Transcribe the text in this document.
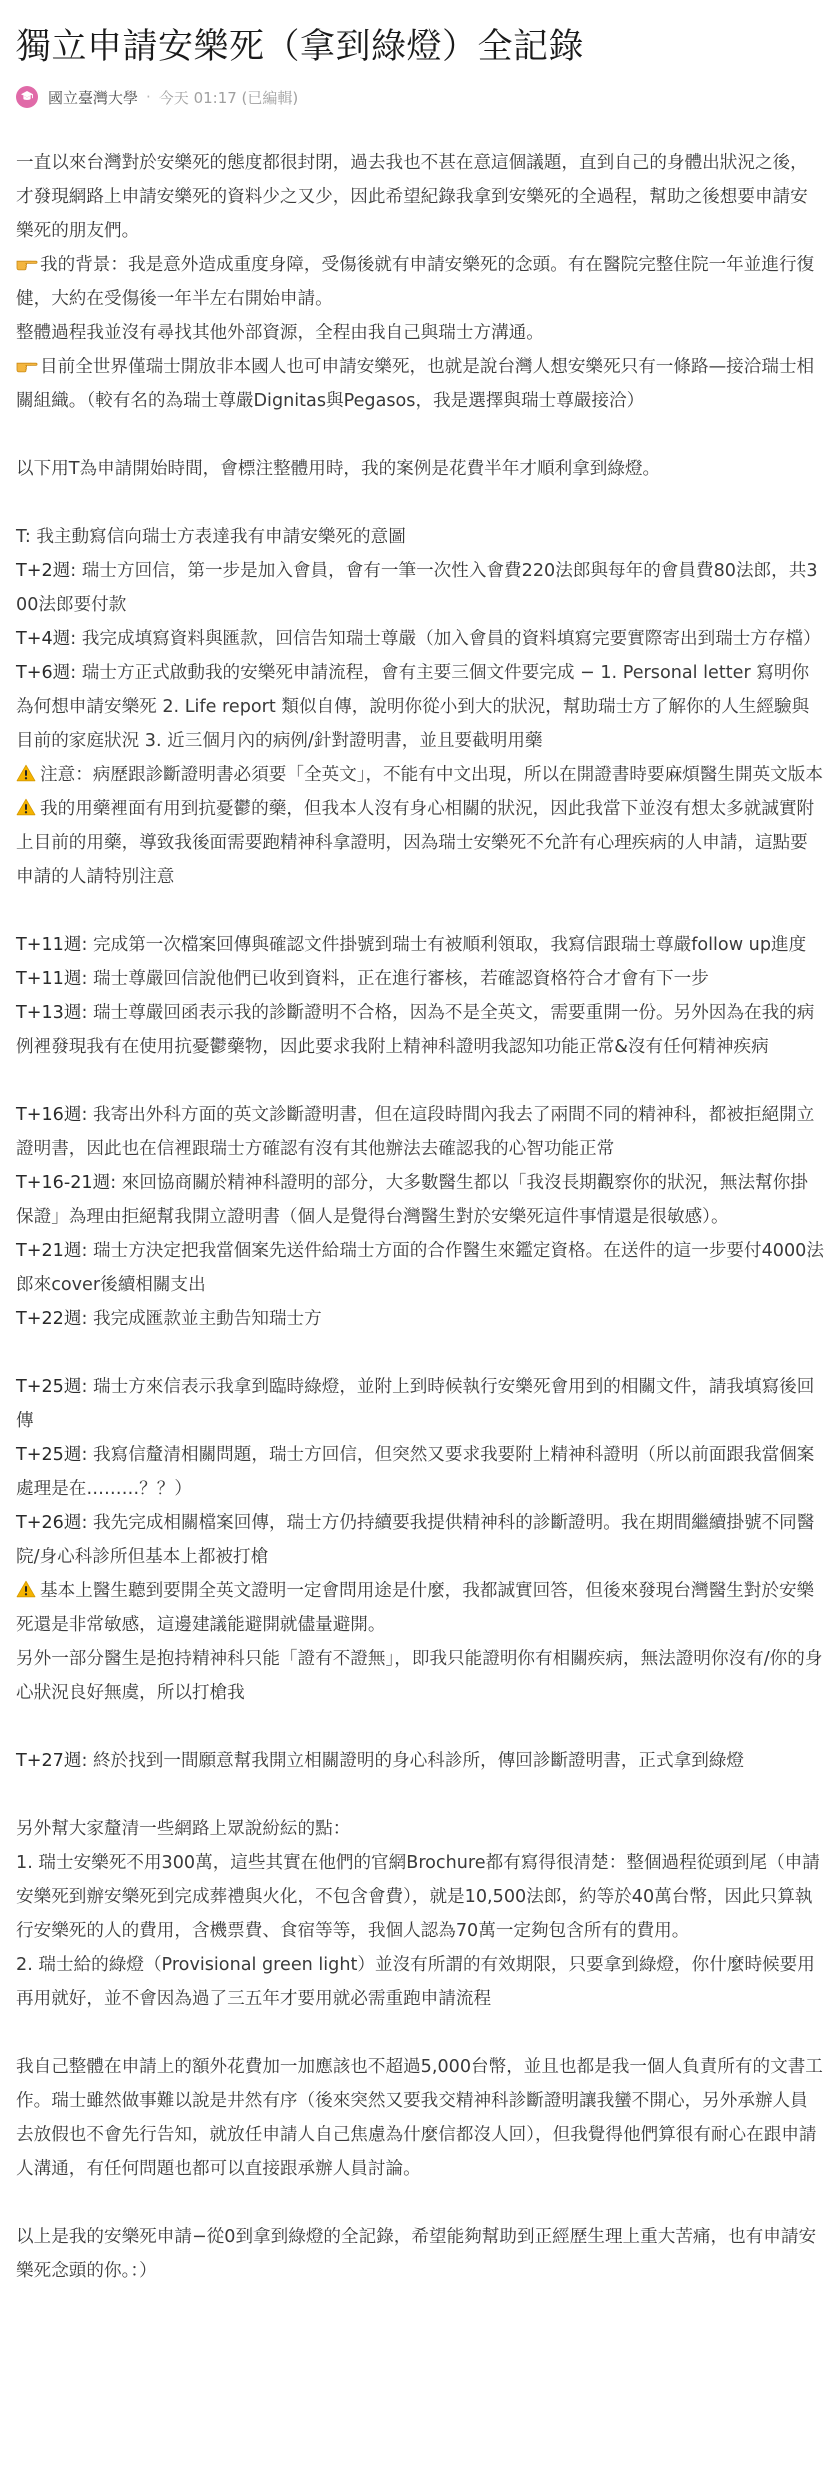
獨立申請安樂死（拿到綠燈）全記錄
國立臺灣大學 · 今天 01:17 (已編輯)

一直以來台灣對於安樂死的態度都很封閉，過去我也不甚在意這個議題，直到自己的身體出狀況之後，才發現網路上申請安樂死的資料少之又少，因此希望紀錄我拿到安樂死的全過程，幫助之後想要申請安樂死的朋友們。

我的背景：我是意外造成重度身障，受傷後就有申請安樂死的念頭。有在醫院完整住院一年並進行復健，大約在受傷後一年半左右開始申請。

整體過程我並沒有尋找其他外部資源，全程由我自己與瑞士方溝通。

目前全世界僅瑞士開放非本國人也可申請安樂死，也就是說台灣人想安樂死只有一條路—接洽瑞士相關組織。（較有名的為瑞士尊嚴Dignitas與Pegasos，我是選擇與瑞士尊嚴接洽）

以下用T為申請開始時間，會標注整體用時，我的案例是花費半年才順利拿到綠燈。

T: 我主動寫信向瑞士方表達我有申請安樂死的意圖

T+2週: 瑞士方回信，第一步是加入會員，會有一筆一次性入會費220法郎與每年的會員費80法郎，共300法郎要付款

T+4週: 我完成填寫資料與匯款，回信告知瑞士尊嚴（加入會員的資料填寫完要實際寄出到瑞士方存檔）

T+6週: 瑞士方正式啟動我的安樂死申請流程，會有主要三個文件要完成 − 1. Personal letter 寫明你為何想申請安樂死 2. Life report 類似自傳，說明你從小到大的狀況，幫助瑞士方了解你的人生經驗與目前的家庭狀況 3. 近三個月內的病例/針對證明書，並且要截明用藥

注意：病歷跟診斷證明書必須要「全英文」，不能有中文出現，所以在開證書時要麻煩醫生開英文版本

我的用藥裡面有用到抗憂鬱的藥，但我本人沒有身心相關的狀況，因此我當下並沒有想太多就誠實附上目前的用藥，導致我後面需要跑精神科拿證明，因為瑞士安樂死不允許有心理疾病的人申請，這點要申請的人請特別注意

T+11週: 完成第一次檔案回傳與確認文件掛號到瑞士有被順利領取，我寫信跟瑞士尊嚴follow up進度

T+11週: 瑞士尊嚴回信說他們已收到資料，正在進行審核，若確認資格符合才會有下一步

T+13週: 瑞士尊嚴回函表示我的診斷證明不合格，因為不是全英文，需要重開一份。另外因為在我的病例裡發現我有在使用抗憂鬱藥物，因此要求我附上精神科證明我認知功能正常&沒有任何精神疾病

T+16週: 我寄出外科方面的英文診斷證明書，但在這段時間內我去了兩間不同的精神科，都被拒絕開立證明書，因此也在信裡跟瑞士方確認有沒有其他辦法去確認我的心智功能正常

T+16-21週: 來回協商關於精神科證明的部分，大多數醫生都以「我沒長期觀察你的狀況，無法幫你掛保證」為理由拒絕幫我開立證明書（個人是覺得台灣醫生對於安樂死這件事情還是很敏感）。

T+21週: 瑞士方決定把我當個案先送件給瑞士方面的合作醫生來鑑定資格。在送件的這一步要付4000法郎來cover後續相關支出

T+22週: 我完成匯款並主動告知瑞士方

T+25週: 瑞士方來信表示我拿到臨時綠燈，並附上到時候執行安樂死會用到的相關文件，請我填寫後回傳

T+25週: 我寫信釐清相關問題，瑞士方回信，但突然又要求我要附上精神科證明（所以前面跟我當個案處理是在………？？）

T+26週: 我先完成相關檔案回傳，瑞士方仍持續要我提供精神科的診斷證明。我在期間繼續掛號不同醫院/身心科診所但基本上都被打槍

基本上醫生聽到要開全英文證明一定會問用途是什麼，我都誠實回答，但後來發現台灣醫生對於安樂死還是非常敏感，這邊建議能避開就儘量避開。

另外一部分醫生是抱持精神科只能「證有不證無」，即我只能證明你有相關疾病，無法證明你沒有/你的身心狀況良好無虞，所以打槍我

T+27週: 終於找到一間願意幫我開立相關證明的身心科診所，傳回診斷證明書，正式拿到綠燈

另外幫大家釐清一些網路上眾說紛紜的點：

1. 瑞士安樂死不用300萬，這些其實在他們的官網Brochure都有寫得很清楚：整個過程從頭到尾（申請安樂死到辦安樂死到完成葬禮與火化，不包含會費），就是10,500法郎，約等於40萬台幣，因此只算執行安樂死的人的費用，含機票費、食宿等等，我個人認為70萬一定夠包含所有的費用。

2. 瑞士給的綠燈（Provisional green light）並沒有所謂的有效期限，只要拿到綠燈，你什麼時候要用再用就好，並不會因為過了三五年才要用就必需重跑申請流程

我自己整體在申請上的額外花費加一加應該也不超過5,000台幣，並且也都是我一個人負責所有的文書工作。瑞士雖然做事難以說是井然有序（後來突然又要我交精神科診斷證明讓我蠻不開心，另外承辦人員去放假也不會先行告知，就放任申請人自己焦慮為什麼信都沒人回），但我覺得他們算很有耐心在跟申請人溝通，有任何問題也都可以直接跟承辦人員討論。

以上是我的安樂死申請−從0到拿到綠燈的全記錄，希望能夠幫助到正經歷生理上重大苦痛，也有申請安樂死念頭的你。：）
